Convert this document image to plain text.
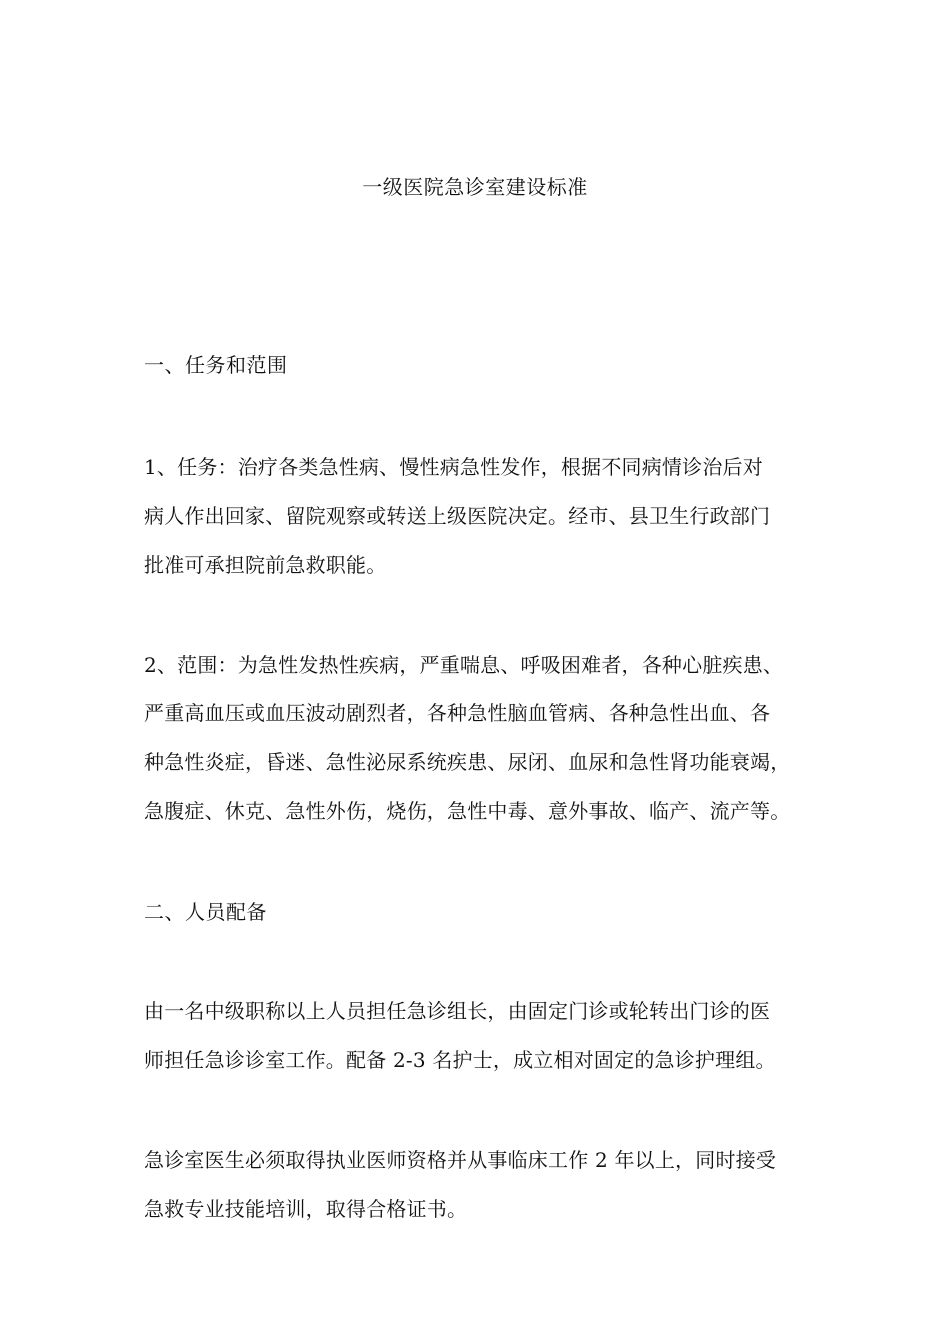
一级医院急诊室建设标准
一、任务和范围
1、任务：治疗各类急性病、慢性病急性发作，根据不同病情诊治后对
病人作出回家、留院观察或转送上级医院决定。经市、县卫生行政部门
批准可承担院前急救职能。
2、范围：为急性发热性疾病，严重喘息、呼吸困难者，各种心脏疾患、
严重高血压或血压波动剧烈者，各种急性脑血管病、各种急性出血、各
种急性炎症，昏迷、急性泌尿系统疾患、尿闭、血尿和急性肾功能衰竭，
急腹症、休克、急性外伤，烧伤，急性中毒、意外事故、临产、流产等。
二、人员配备
由一名中级职称以上人员担任急诊组长，由固定门诊或轮转出门诊的医
师担任急诊诊室工作。配备 2-3 名护士，成立相对固定的急诊护理组。
急诊室医生必须取得执业医师资格并从事临床工作 2 年以上，同时接受
急救专业技能培训，取得合格证书。
